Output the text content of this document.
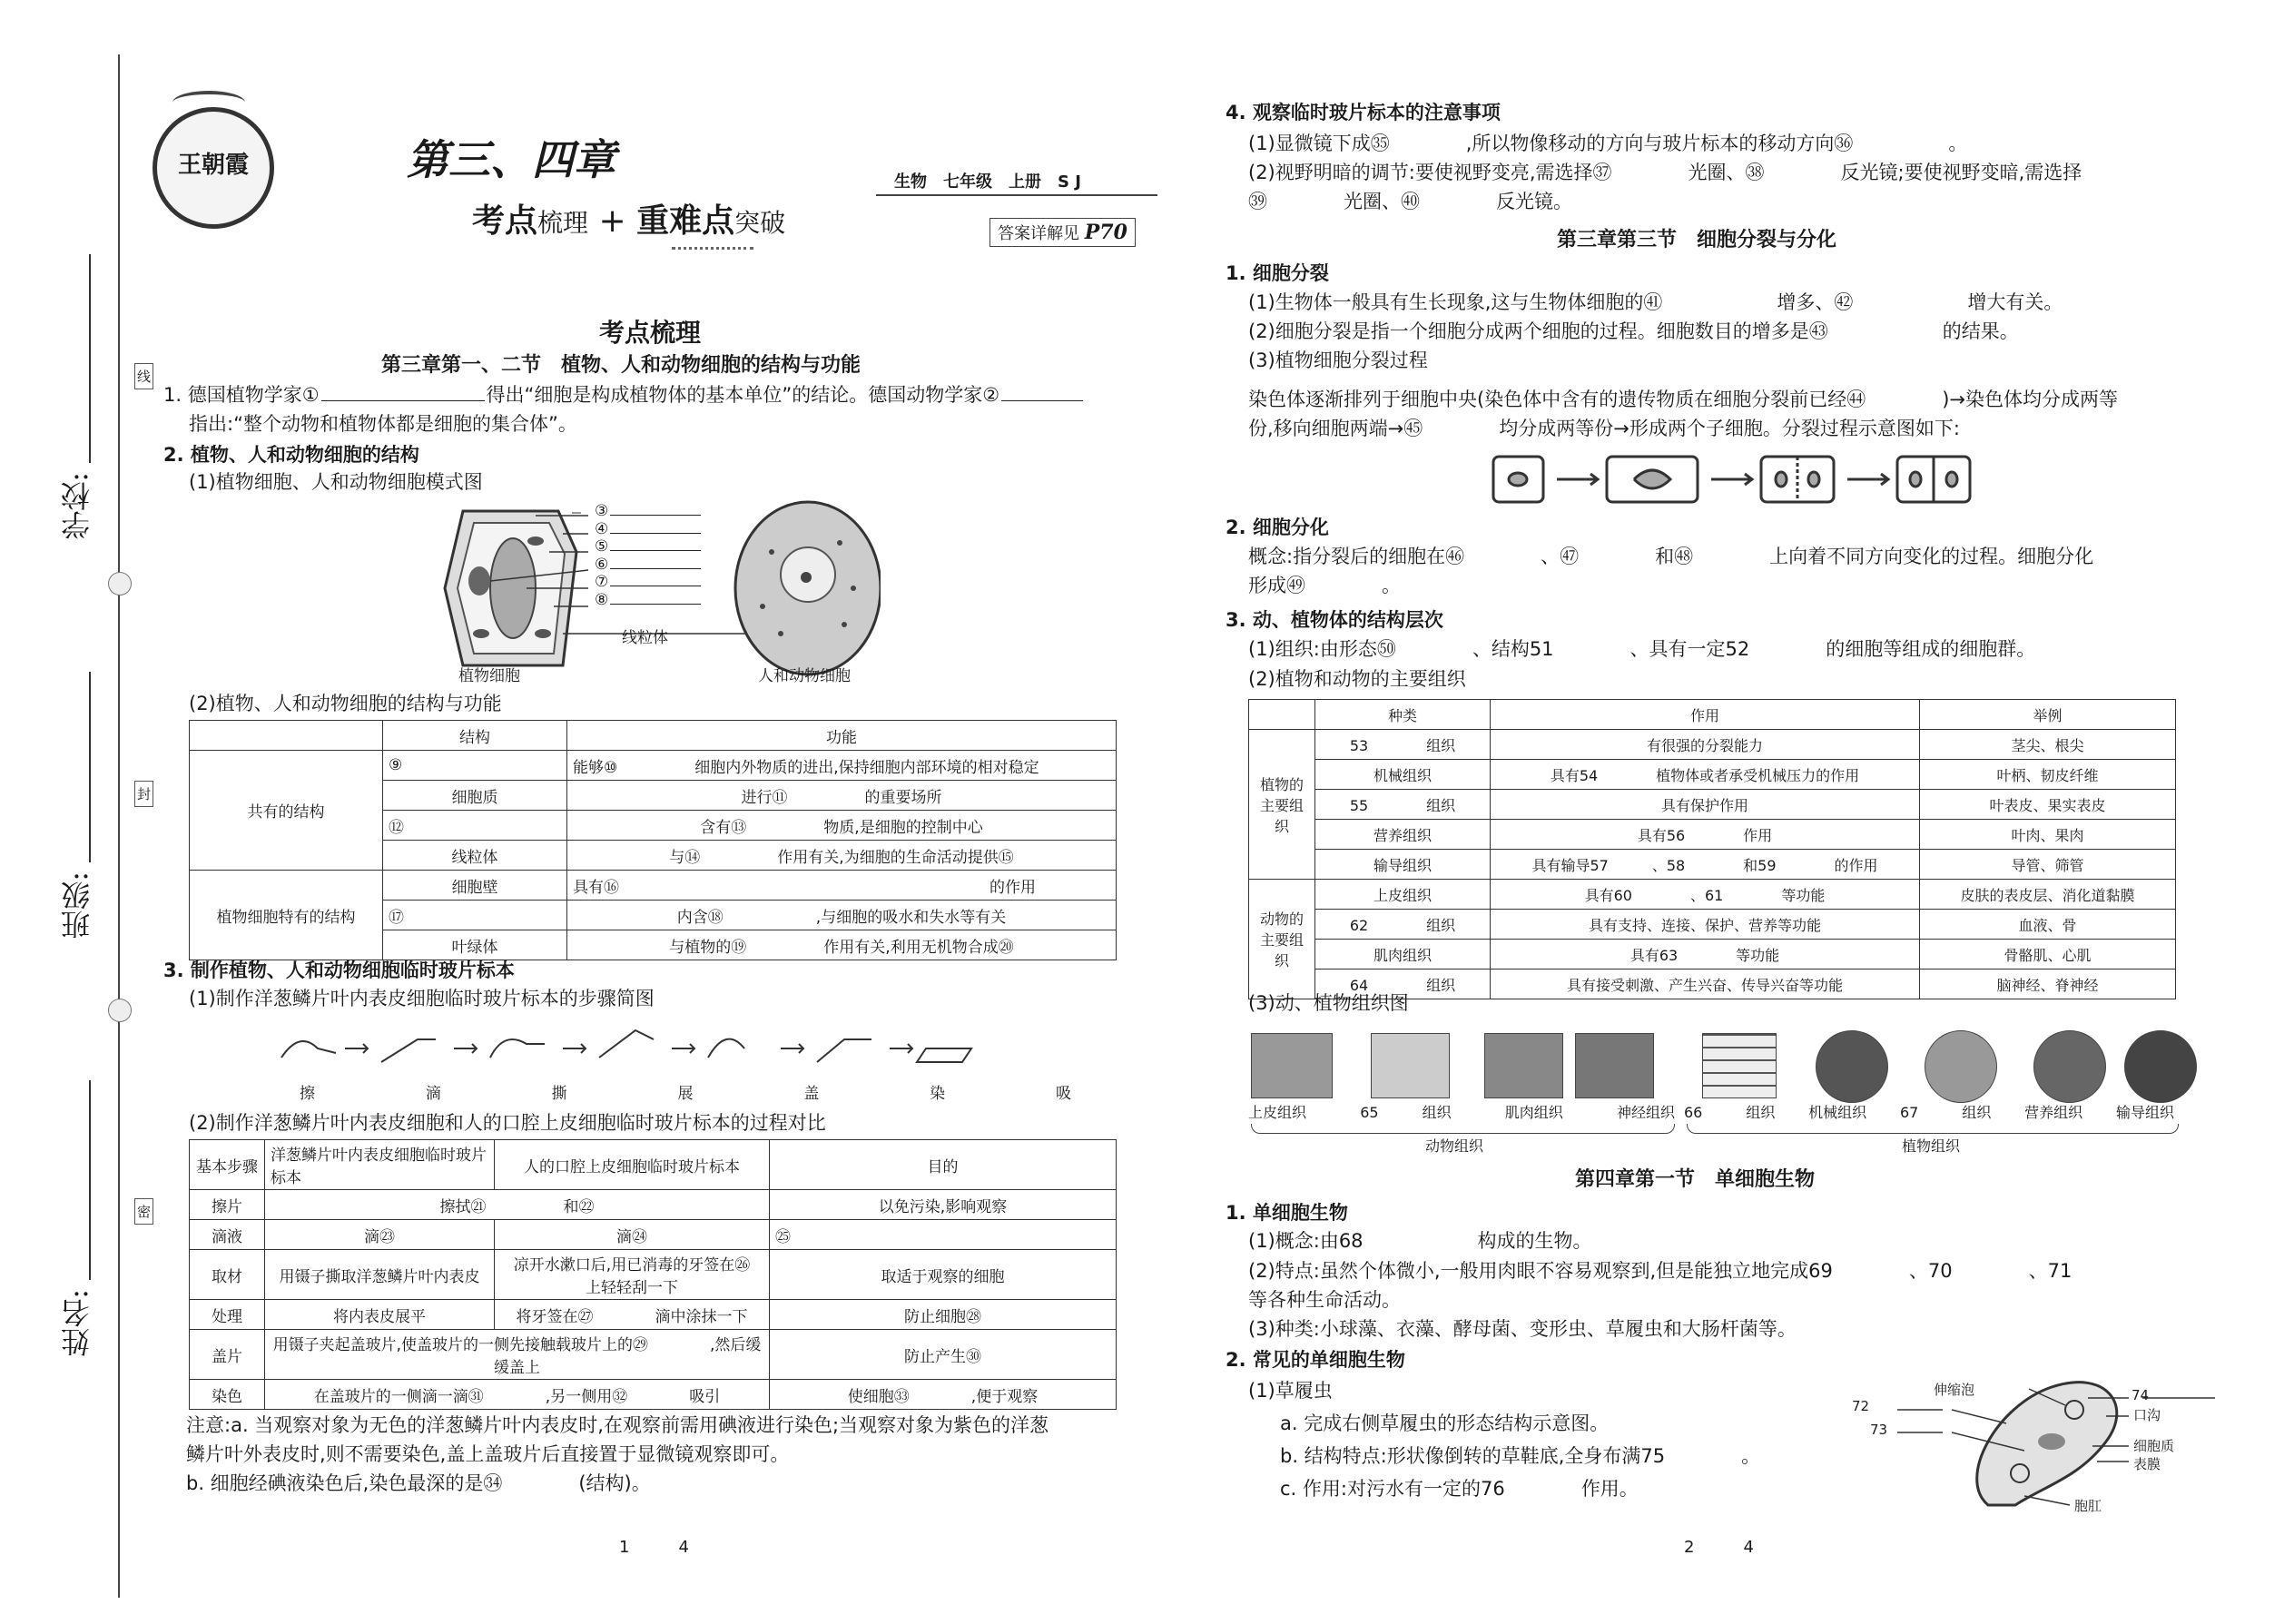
线
封
密
学校:
班级:
姓名:
王朝霞	第三、四章
考点梳理 + 重难点突破
生物　七年级　上册　S J
答案详解见 P70
考点梳理
第三章第一、二节　植物、人和动物细胞的结构与功能
1. 德国植物学家①	得出“细胞是构成植物体的基本单位”的结论。德国动物学家②
指出:“整个动物和植物体都是细胞的集合体”。
2. 植物、人和动物细胞的结构
(1)植物细胞、人和动物细胞模式图
③
④
⑤
⑥
⑦
⑧
线粒体
植物细胞	人和动物细胞
(2)植物、人和动物细胞的结构与功能
	结构	功能
共有的结构	⑨	能够⑩　　　　　细胞内外物质的进出,保持细胞内部环境的相对稳定
	细胞质	进行⑪　　　　　的重要场所
	⑫	含有⑬　　　　　物质,是细胞的控制中心
	线粒体	与⑭　　　　　作用有关,为细胞的生命活动提供⑮
植物细胞特有的结构	细胞壁	具有⑯　　　　　　　　　　　　　　　　　　　　　　　　的作用
	⑰	内含⑱　　　　　　,与细胞的吸水和失水等有关
	叶绿体	与植物的⑲　　　　　作用有关,利用无机物合成⑳
3. 制作植物、人和动物细胞临时玻片标本
(1)制作洋葱鳞片叶内表皮细胞临时玻片标本的步骤简图
擦	滴	撕	展	盖	染	吸
(2)制作洋葱鳞片叶内表皮细胞和人的口腔上皮细胞临时玻片标本的过程对比
基本步骤	洋葱鳞片叶内表皮细胞临时玻片标本	人的口腔上皮细胞临时玻片标本	目的
擦片	擦拭㉑　　　　　和㉒		以免污染,影响观察
滴液	滴㉓	滴㉔	㉕
取材	用镊子撕取洋葱鳞片叶内表皮	凉开水漱口后,用已消毒的牙签在㉖　　　　　上轻轻刮一下	取适于观察的细胞
处理	将内表皮展平	将牙签在㉗　　　　滴中涂抹一下	防止细胞㉘
盖片	用镊子夹起盖玻片,使盖玻片的一侧先接触载玻片上的㉙　　　　,然后缓缓盖上		防止产生㉚
染色	在盖玻片的一侧滴一滴㉛　　　　,另一侧用㉜　　　　吸引		使细胞㉝　　　　,便于观察
注意:a. 当观察对象为无色的洋葱鳞片叶内表皮时,在观察前需用碘液进行染色;当观察对象为紫色的洋葱
鳞片叶外表皮时,则不需要染色,盖上盖玻片后直接置于显微镜观察即可。
b. 细胞经碘液染色后,染色最深的是㉞　　　　(结构)。
1　　　4
4. 观察临时玻片标本的注意事项
(1)显微镜下成㉟　　　　,所以物像移动的方向与玻片标本的移动方向㊱　　　　　。
(2)视野明暗的调节:要使视野变亮,需选择㊲　　　　光圈、㊳　　　　反光镜;要使视野变暗,需选择
㊴　　　　光圈、㊵　　　　反光镜。
第三章第三节　细胞分裂与分化
1. 细胞分裂
(1)生物体一般具有生长现象,这与生物体细胞的㊶　　　　　　增多、㊷　　　　　　增大有关。
(2)细胞分裂是指一个细胞分成两个细胞的过程。细胞数目的增多是㊸　　　　　　的结果。
(3)植物细胞分裂过程
染色体逐渐排列于细胞中央(染色体中含有的遗传物质在细胞分裂前已经㊹　　　　)→染色体均分成两等
份,移向细胞两端→㊺　　　　均分成两等份→形成两个子细胞。分裂过程示意图如下:
2. 细胞分化
概念:指分裂后的细胞在㊻　　　　、㊼　　　　和㊽　　　　上向着不同方向变化的过程。细胞分化
形成㊾　　　　。
3. 动、植物体的结构层次
(1)组织:由形态㊿　　　　、结构51　　　　、具有一定52　　　　的细胞等组成的细胞群。
(2)植物和动物的主要组织
	种类	作用	举例
植物的主要组织	53　　　　组织	有很强的分裂能力	茎尖、根尖
	机械组织	具有54　　　　植物体或者承受机械压力的作用	叶柄、韧皮纤维
	55　　　　组织	具有保护作用	叶表皮、果实表皮
	营养组织	具有56　　　　作用	叶肉、果肉
	输导组织	具有输导57　　　、58　　　　和59　　　　的作用	导管、筛管
动物的主要组织	上皮组织	具有60　　　　、61　　　　等功能	皮肤的表皮层、消化道黏膜
	62　　　　组织	具有支持、连接、保护、营养等功能	血液、骨
	肌肉组织	具有63　　　　等功能	骨骼肌、心肌
	64　　　　组织	具有接受刺激、产生兴奋、传导兴奋等功能	脑神经、脊神经
(3)动、植物组织图
上皮组织	65　　　组织	肌肉组织	神经组织 66　　　组织 机械组织 67　　　组织 营养组织 输导组织
动物组织	植物组织
第四章第一节　单细胞生物
1. 单细胞生物
(1)概念:由68　　　　　　构成的生物。
(2)特点:虽然个体微小,一般用肉眼不容易观察到,但是能独立地完成69　　　　、70　　　　、71
等各种生命活动。
(3)种类:小球藻、衣藻、酵母菌、变形虫、草履虫和大肠杆菌等。
2. 常见的单细胞生物
(1)草履虫
a. 完成右侧草履虫的形态结构示意图。
b. 结构特点:形状像倒转的草鞋底,全身布满75　　　　。
c. 作用:对污水有一定的76　　　　作用。
伸缩泡	74
72
73
口沟
细胞质
表膜
胞肛
2　　　4
